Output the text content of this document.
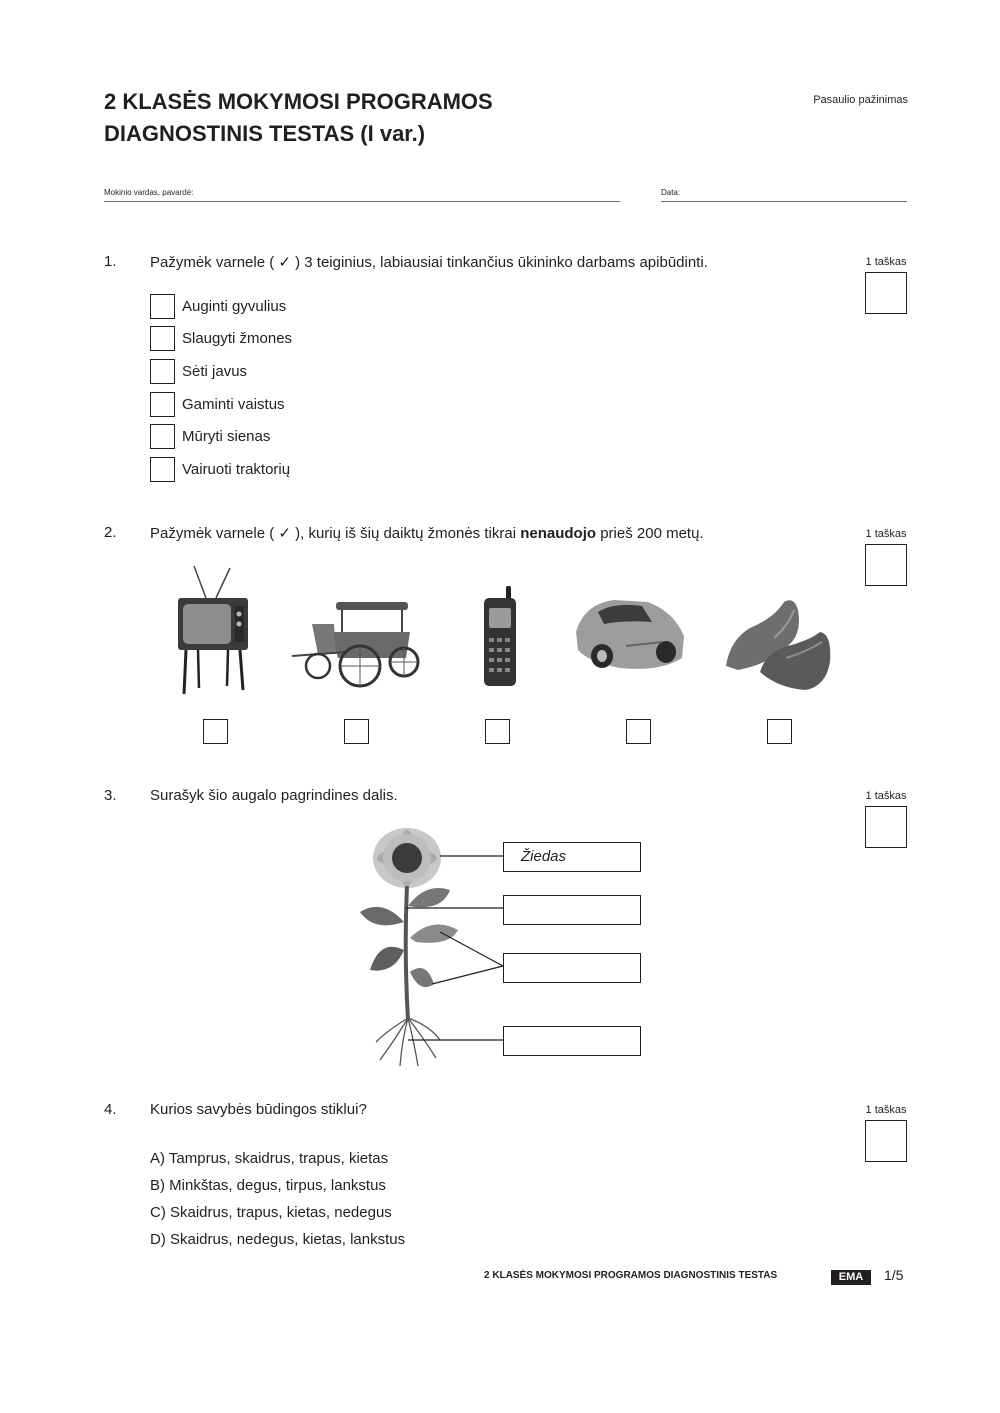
2 KLASĖS MOKYMOSI PROGRAMOS
DIAGNOSTINIS TESTAS (I var.)
Pasaulio pažinimas
Mokinio vardas, pavardė:	Data:
1. Pažymėk varnele ( ✓ ) 3 teiginius, labiausiai tinkančius ūkininko darbams apibūdinti.	1 taškas
Auginti gyvulius
Slaugyti žmones
Sėti javus
Gaminti vaistus
Mūryti sienas
Vairuoti traktorių
2. Pažymėk varnele ( ✓ ), kurių iš šių daiktų žmonės tikrai nenaudojo prieš 200 metų.	1 taškas
3. Surašyk šio augalo pagrindines dalis.	1 taškas
Žiedas
4. Kurios savybės būdingos stiklui?	1 taškas
A) Tamprus, skaidrus, trapus, kietas
B) Minkštas, degus, tirpus, lankstus
C) Skaidrus, trapus, kietas, nedegus
D) Skaidrus, nedegus, kietas, lankstus
2 KLASĖS MOKYMOSI PROGRAMOS DIAGNOSTINIS TESTAS	EMA	1/5
